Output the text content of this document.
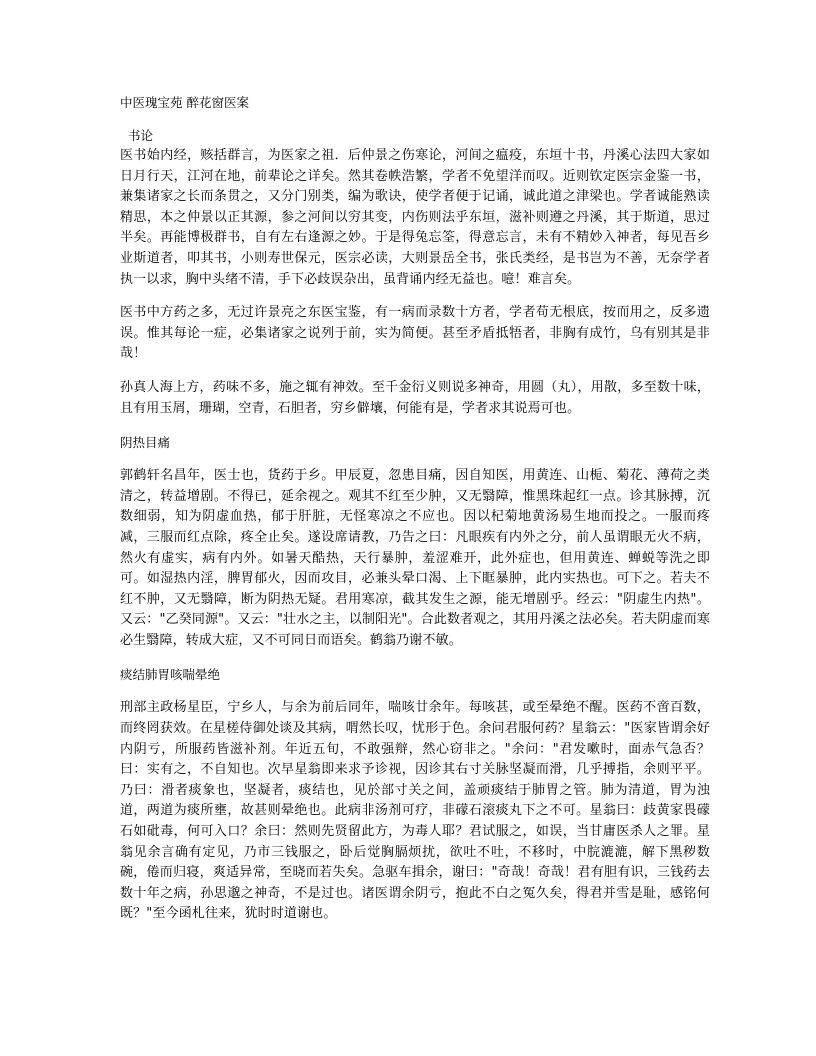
中医瑰宝苑 醉花窗医案
书论

医书始内经，赅括群言，为医家之祖．后仲景之伤寒论，河间之瘟疫，东垣十书，丹溪心法四大家如日月行天，江河在地，前辈论之详矣。然其卷帙浩繁，学者不免望洋而叹。近则钦定医宗金鉴一书，兼集诸家之长而条贯之，又分门别类，编为歌诀，使学者便于记诵，诚此道之津梁也。学者诚能熟读精思，本之仲景以正其源，参之河间以穷其变，内伤则法乎东垣，滋补则遵之丹溪，其于斯道，思过半矣。再能博极群书，自有左右逢源之妙。于是得兔忘筌，得意忘言，未有不精妙入神者，每见吾乡业斯道者，叩其书，小则寿世保元，医宗必读，大则景岳全书，张氏类经，是书岂为不善，无奈学者执一以求，胸中头绪不清，手下必歧误杂出，虽背诵内经无益也。噫！难言矣。

医书中方药之多，无过许景亮之东医宝鉴，有一病而录数十方者，学者苟无根底，按而用之，反多遗误。惟其每论一症，必集诸家之说列于前，实为简便。甚至矛盾抵牾者，非胸有成竹，乌有别其是非哉！

孙真人海上方，药味不多，施之辄有神效。至千金衍义则说多神奇，用圆（丸），用散，多至数十味，且有用玉屑，珊瑚，空青，石胆者，穷乡僻壤，何能有是，学者求其说焉可也。

阴热目痛

郭鹤轩名昌年，医士也，货药于乡。甲辰夏，忽患目痛，因自知医，用黄连、山栀、菊花、薄荷之类清之，转益增剧。不得已，延余视之。观其不红至少肿，又无翳障，惟黑珠起红一点。诊其脉搏，沉数细弱，知为阴虚血热，郁于肝脏，无怪寒凉之不应也。因以杞菊地黄汤易生地而投之。一服而疼减，三服而红点除，疼全止矣。遂设席请教，乃告之曰：凡眼疾有内外之分，前人虽谓眼无火不病，然火有虚实，病有内外。如暑天酷热，天行暴肿，羞涩难开，此外症也，但用黄连、蝉蜕等洗之即可。如湿热内淫，脾胃郁火，因而攻目，必兼头晕口渴、上下眶暴肿，此内实热也。可下之。若夫不红不肿，又无翳障，断为阴热无疑。君用寒凉，截其发生之源，能无增剧乎。经云："阴虚生内热"。又云："乙癸同源"。又云："壮水之主，以制阳光"。合此数者观之，其用丹溪之法必矣。若夫阴虚而寒必生翳障，转成大症，又不可同日而语矣。鹤翁乃谢不敏。

痰结肺胃咳喘晕绝

刑部主政杨星臣，宁乡人，与余为前后同年，喘咳廿余年。每咳甚，或至晕绝不醒。医药不啻百数，而终罔获效。在星槎侍御处谈及其病，喟然长叹，忧形于色。余问君服何药？星翁云："医家皆谓余好内阴亏，所服药皆滋补剂。年近五旬，不敢强辩，然心窃非之。"余问："君发嗽时，面赤气急否？曰：实有之，不自知也。次早星翁即来求予诊视，因诊其右寸关脉坚凝而滑，几乎搏指，余则平平。乃曰：滑者痰象也，坚凝者，痰结也，见於部寸关之间，盖顽痰结于肺胃之管。肺为清道，胃为浊道，两道为痰所壅，故甚则晕绝也。此病非汤剂可疗，非礞石滚痰丸下之不可。星翁曰：歧黄家畏礞石如砒毒，何可入口？余曰：然则先贤留此方，为毒人耶？君试服之，如误，当甘庸医杀人之罪。星翁见余言确有定见，乃市三钱服之，卧后觉胸膈烦扰，欲吐不吐，不移时，中脘漉漉，解下黑秽数碗，倦而归寝，爽适异常，至晓而若失矣。急驱车揖余，谢曰："奇哉！奇哉！君有胆有识，三钱药去数十年之病，孙思邈之神奇，不是过也。诸医谓余阴亏，抱此不白之冤久矣，得君并雪是耻，感铭何既？"至今函札往来，犹时时道谢也。
